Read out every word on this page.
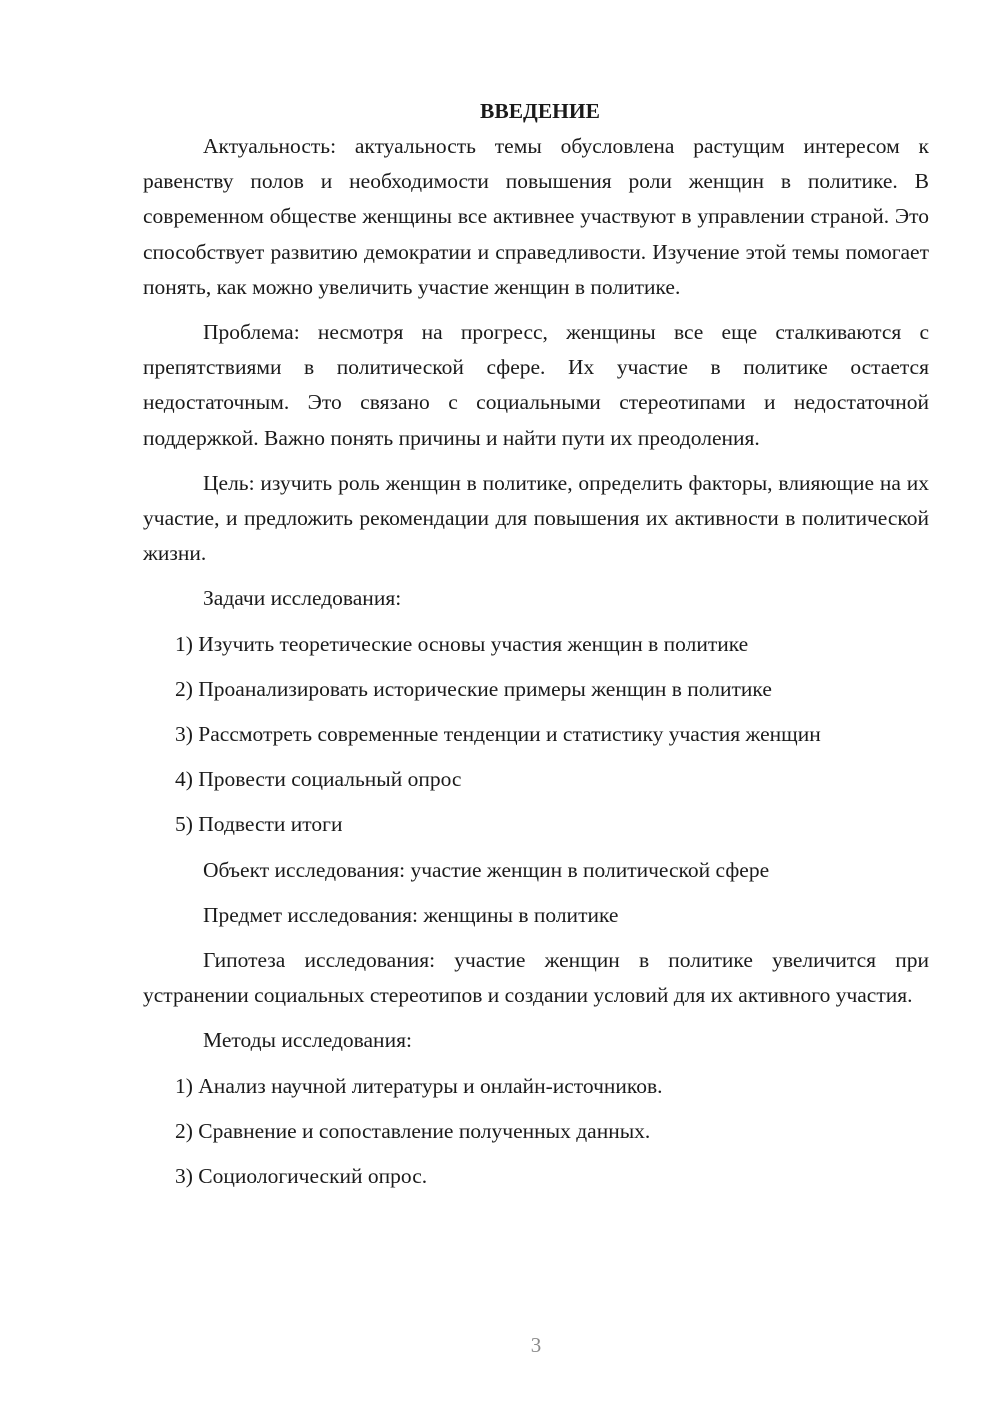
ВВЕДЕНИЕ

Актуальность: актуальность темы обусловлена растущим интересом к равенству полов и необходимости повышения роли женщин в политике. В современном обществе женщины все активнее участвуют в управлении страной. Это способствует развитию демократии и справедливости. Изучение этой темы помогает понять, как можно увеличить участие женщин в политике.

Проблема: несмотря на прогресс, женщины все еще сталкиваются с препятствиями в политической сфере. Их участие в политике остается недостаточным. Это связано с социальными стереотипами и недостаточной поддержкой. Важно понять причины и найти пути их преодоления.

Цель: изучить роль женщин в политике, определить факторы, влияющие на их участие, и предложить рекомендации для повышения их активности в политической жизни.

Задачи исследования:

1) Изучить теоретические основы участия женщин в политике

2) Проанализировать исторические примеры женщин в политике

3) Рассмотреть современные тенденции и статистику участия женщин

4) Провести социальный опрос

5) Подвести итоги

Объект исследования: участие женщин в политической сфере

Предмет исследования: женщины в политике

Гипотеза исследования: участие женщин в политике увеличится при устранении социальных стереотипов и создании условий для их активного участия.

Методы исследования:

1) Анализ научной литературы и онлайн-источников.

2) Сравнение и сопоставление полученных данных.

3) Социологический опрос.

3
